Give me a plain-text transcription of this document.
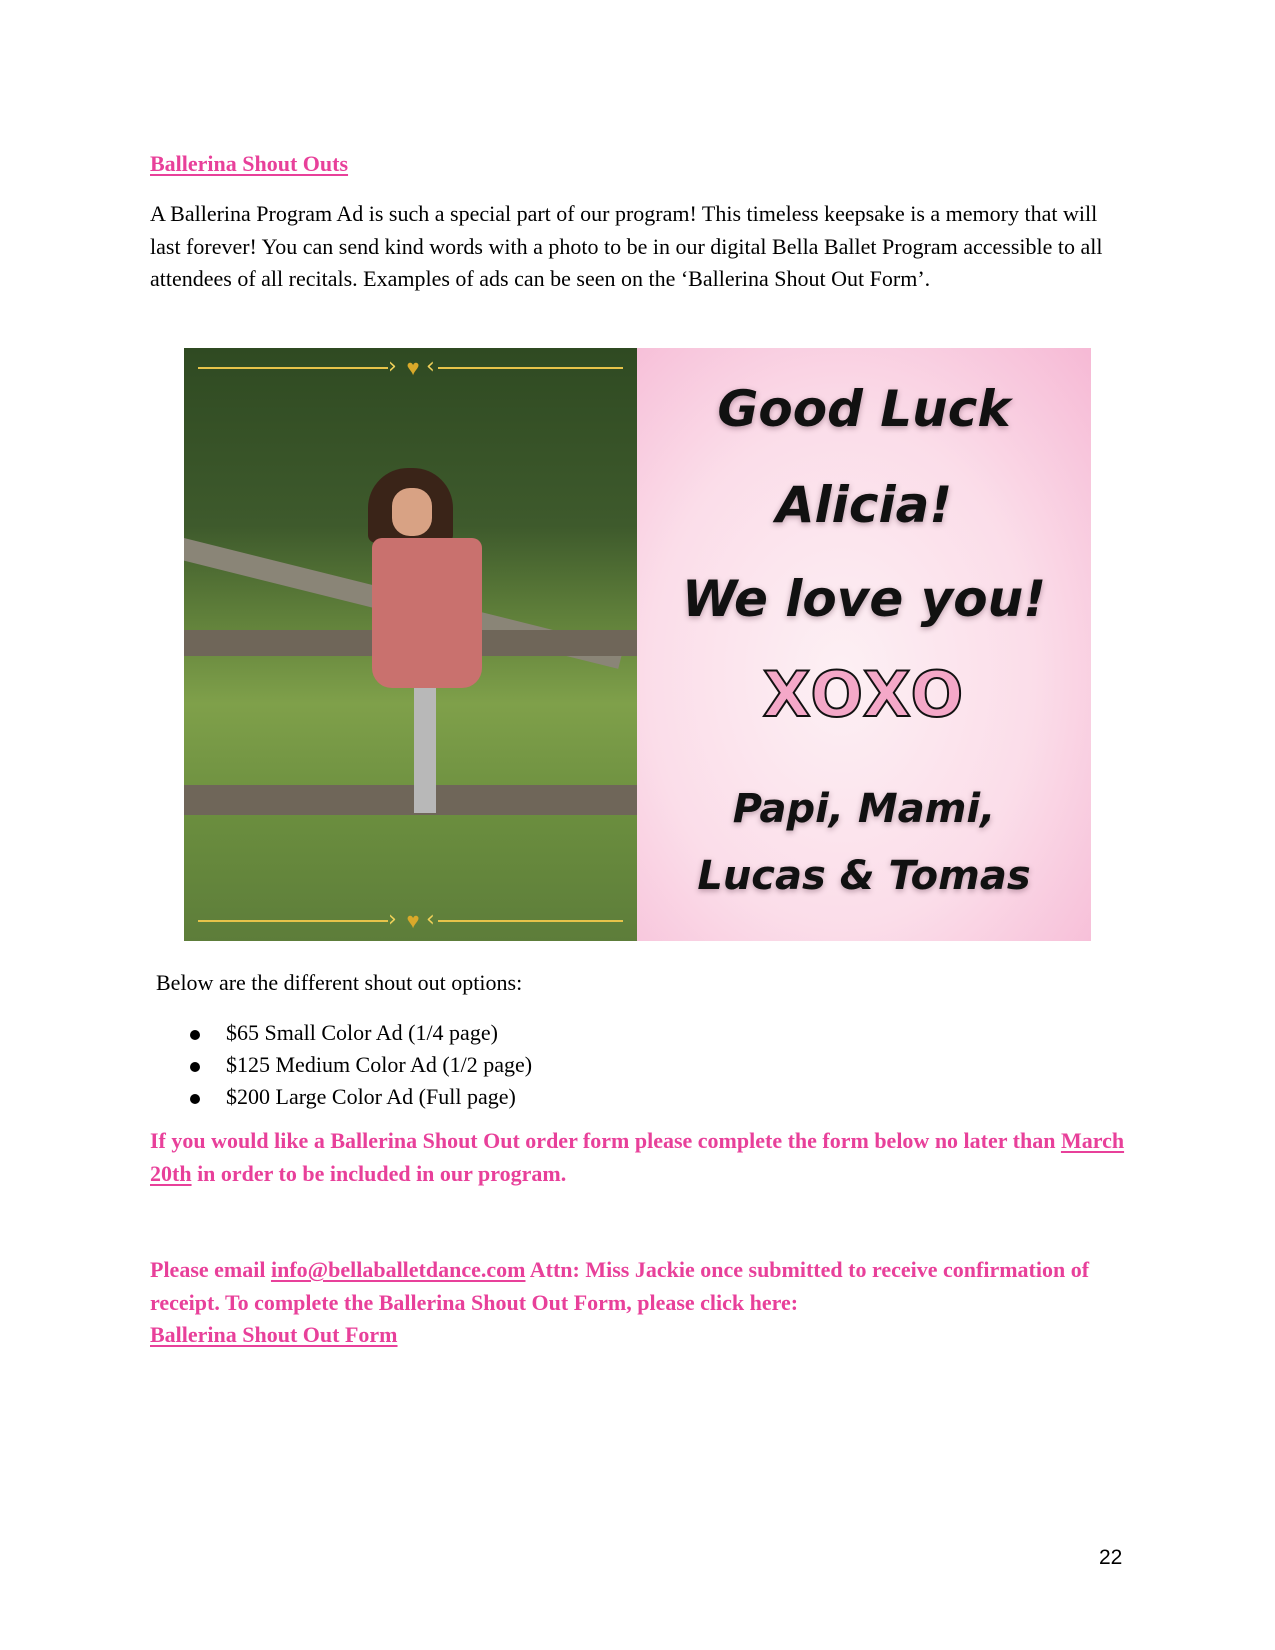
Ballerina Shout Outs
A Ballerina Program Ad is such a special part of our program! This timeless keepsake is a memory that will last forever! You can send kind words with a photo to be in our digital Bella Ballet Program accessible to all attendees of all recitals. Examples of ads can be seen on the ‘Ballerina Shout Out Form’.
› ♥ ‹
› ♥ ‹
Good Luck
Alicia!
We love you!
XOXO
Papi, Mami,
Lucas & Tomas
Below are the different shout out options:
$65 Small Color Ad (1/4 page)
$125 Medium Color Ad (1/2 page)
$200 Large Color Ad (Full page)
If you would like a Ballerina Shout Out order form please complete the form below no later than March 20th in order to be included in our program.
Please email info@bellaballetdance.com Attn: Miss Jackie once submitted to receive confirmation of receipt. To complete the Ballerina Shout Out Form, please click here:
Ballerina Shout Out Form
22
